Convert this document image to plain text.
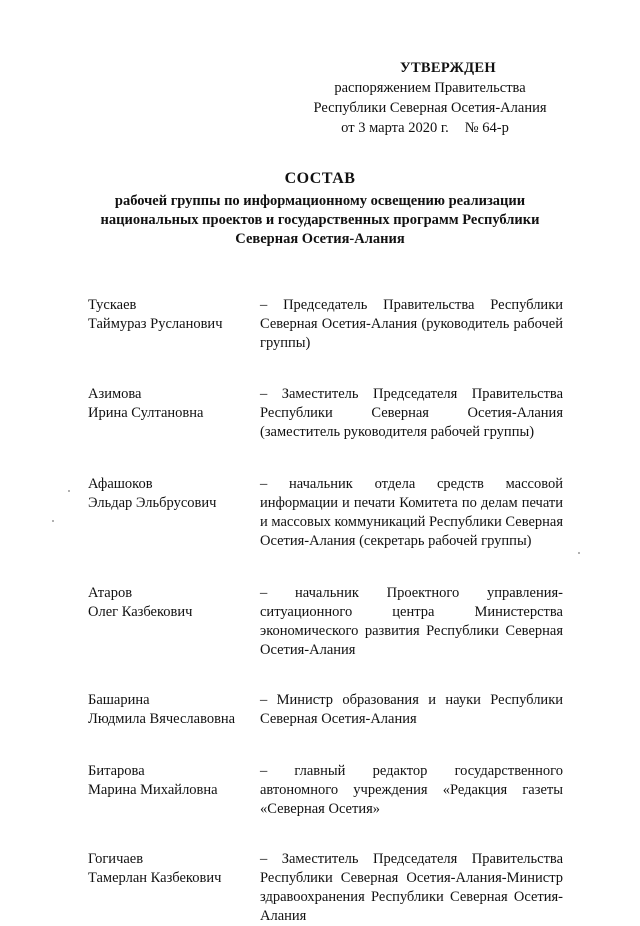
УТВЕРЖДЕН
распоряжением Правительства
Республики Северная Осетия-Алания
от 3 марта 2020 г. № 64-р
СОСТАВ
рабочей группы по информационному освещению реализации
национальных проектов и государственных программ Республики
Северная Осетия-Алания
Тускаев
Таймураз Русланович
– Председатель Правительства Республики Северная Осетия-Алания (руководитель рабочей группы)
Азимова
Ирина Султановна
– Заместитель Председателя Правительства Республики Северная Осетия-Алания (заместитель руководителя рабочей группы)
Афашоков
Эльдар Эльбрусович
– начальник отдела средств массовой информации и печати Комитета по делам печати и массовых коммуникаций Республики Северная Осетия-Алания (секретарь рабочей группы)
Атаров
Олег Казбекович
– начальник Проектного управления-ситуационного центра Министерства экономического развития Республики Северная Осетия-Алания
Башарина
Людмила Вячеславовна
– Министр образования и науки Республики Северная Осетия-Алания
Битарова
Марина Михайловна
– главный редактор государственного автономного учреждения «Редакция газеты «Северная Осетия»
Гогичаев
Тамерлан Казбекович
– Заместитель Председателя Правительства Республики Северная Осетия-Алания-Министр здравоохранения Республики Северная Осетия-Алания
